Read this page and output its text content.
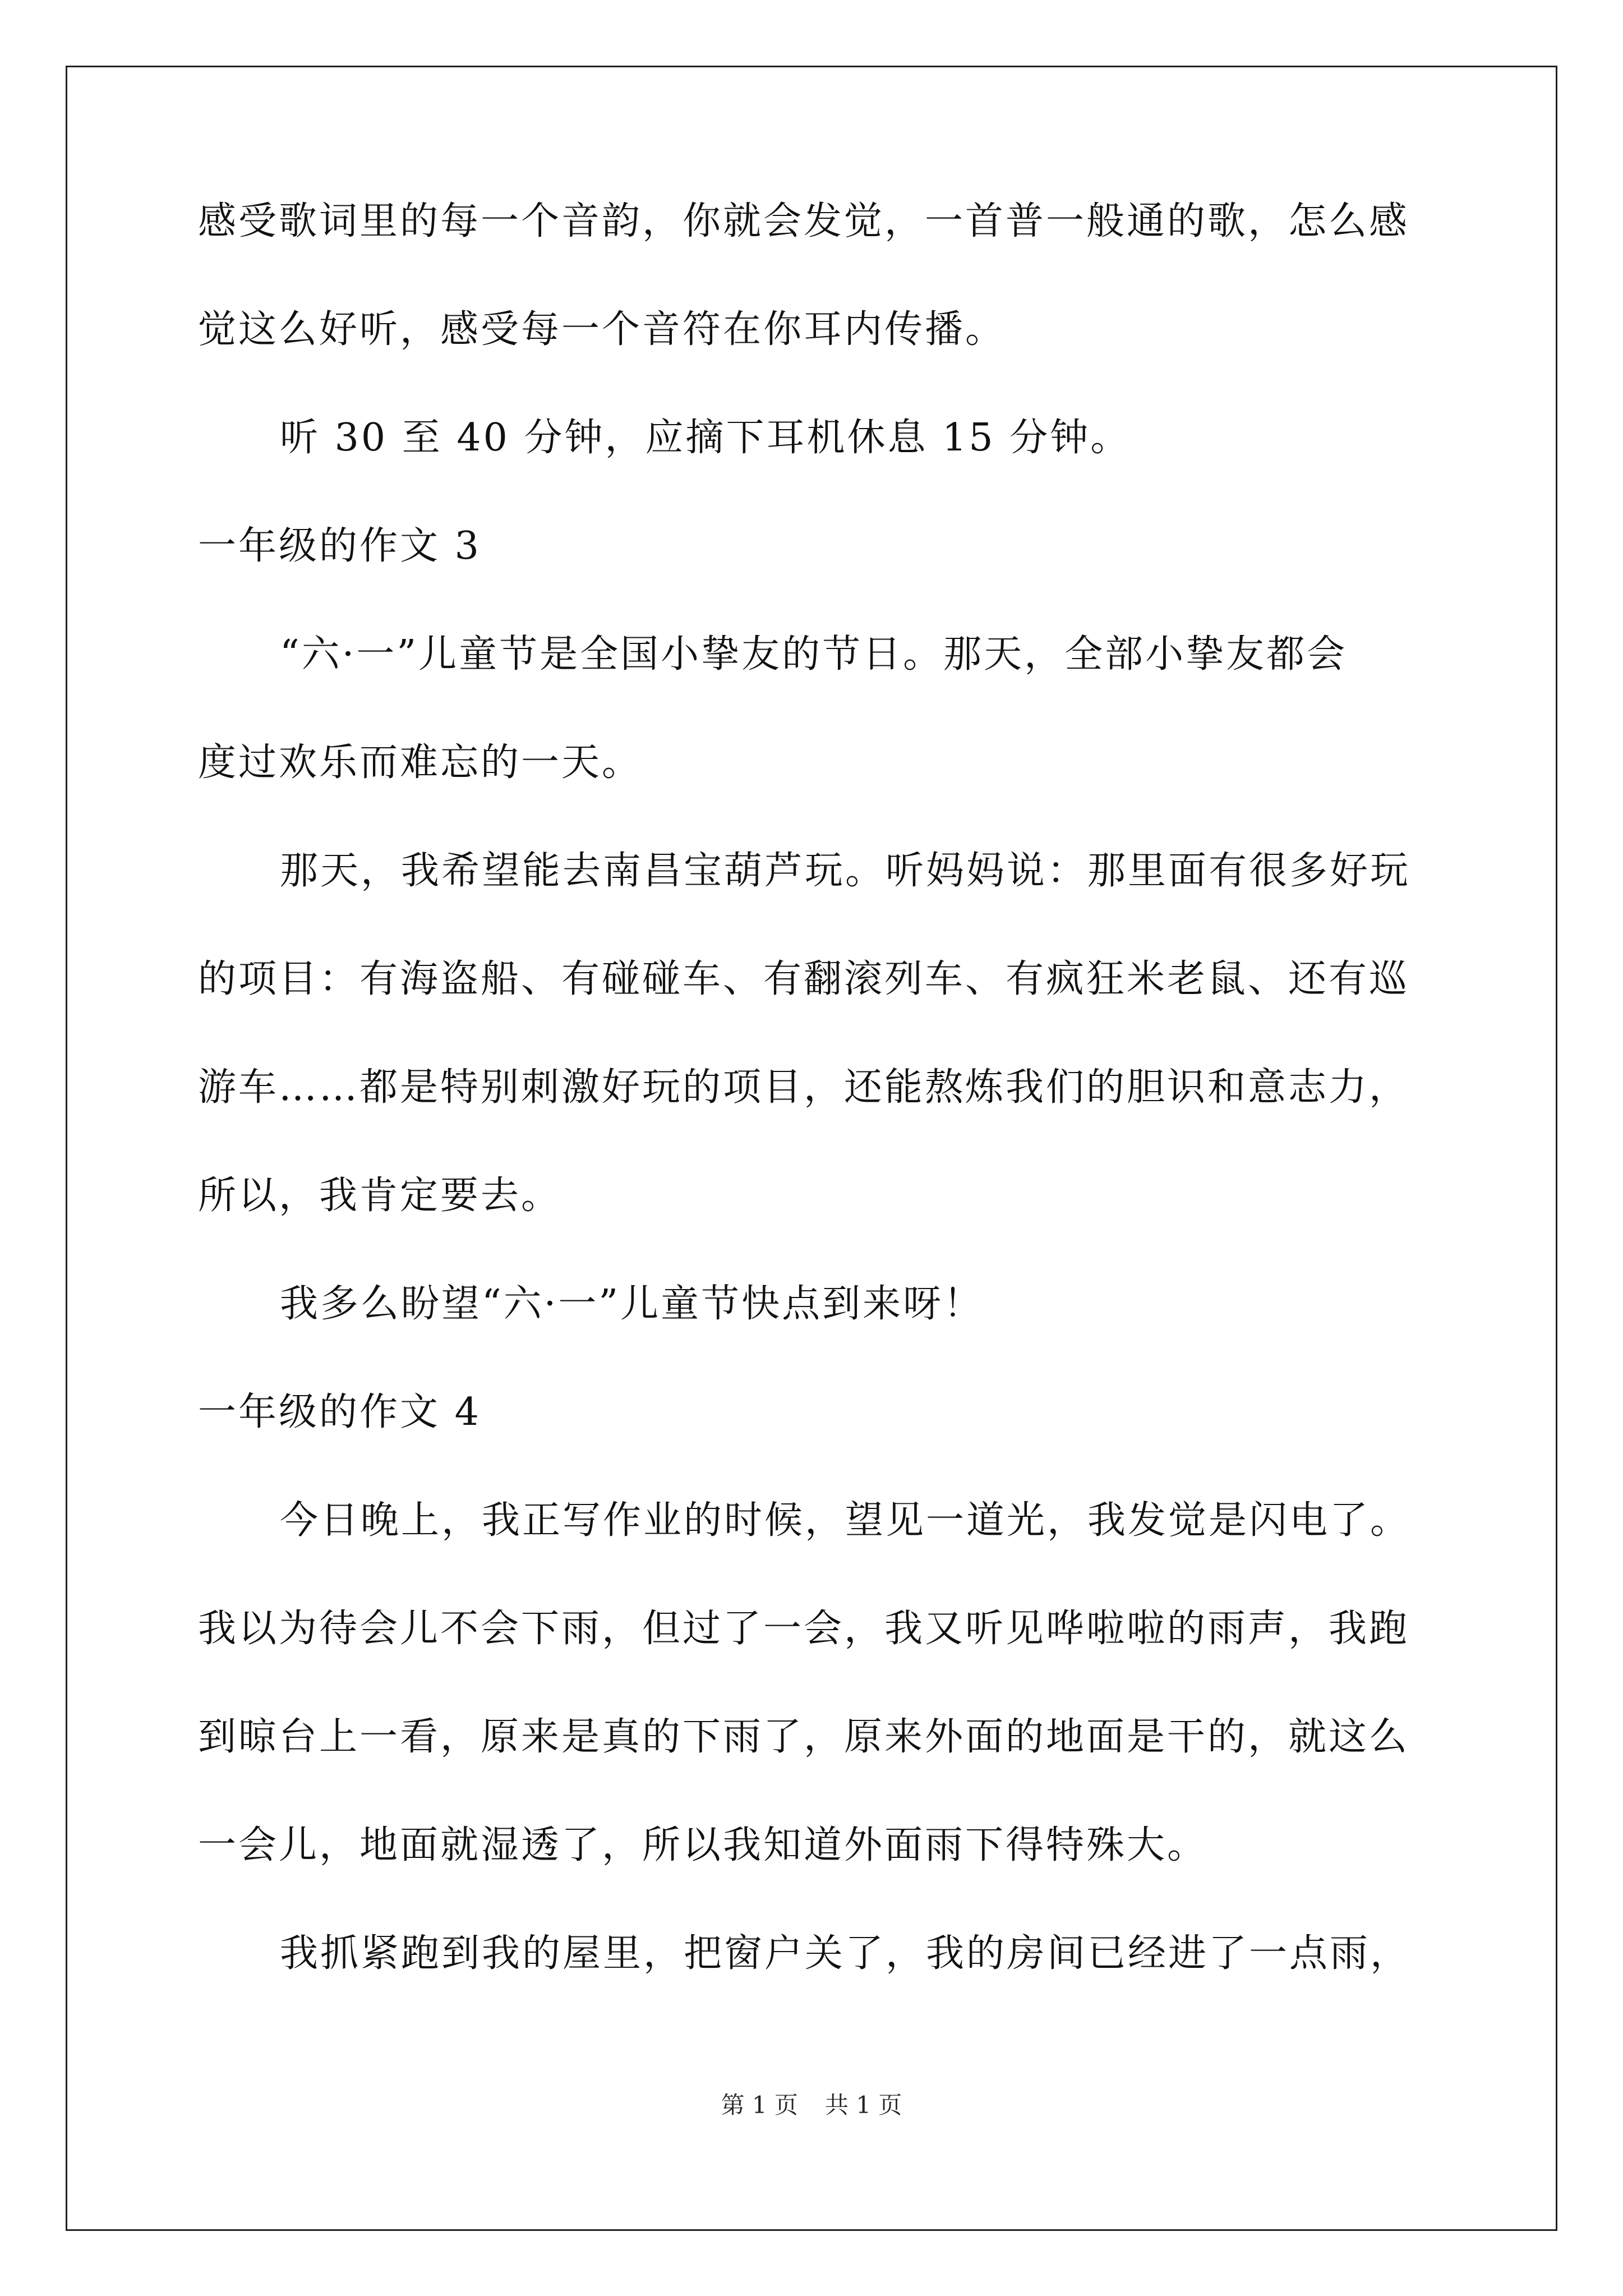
感受歌词里的每一个音韵，你就会发觉，一首普一般通的歌，怎么感
觉这么好听，感受每一个音符在你耳内传播。
听 30 至 40 分钟，应摘下耳机休息 15 分钟。
一年级的作文 3
“六·一”儿童节是全国小挚友的节日。那天，全部小挚友都会
度过欢乐而难忘的一天。
那天，我希望能去南昌宝葫芦玩。听妈妈说：那里面有很多好玩
的项目：有海盗船、有碰碰车、有翻滚列车、有疯狂米老鼠、还有巡
游车……都是特别刺激好玩的项目，还能熬炼我们的胆识和意志力，
所以，我肯定要去。
我多么盼望“六·一”儿童节快点到来呀！
一年级的作文 4
今日晚上，我正写作业的时候，望见一道光，我发觉是闪电了。
我以为待会儿不会下雨，但过了一会，我又听见哗啦啦的雨声，我跑
到晾台上一看，原来是真的下雨了，原来外面的地面是干的，就这么
一会儿，地面就湿透了，所以我知道外面雨下得特殊大。
我抓紧跑到我的屋里，把窗户关了，我的房间已经进了一点雨，
第 1 页 共 1 页
